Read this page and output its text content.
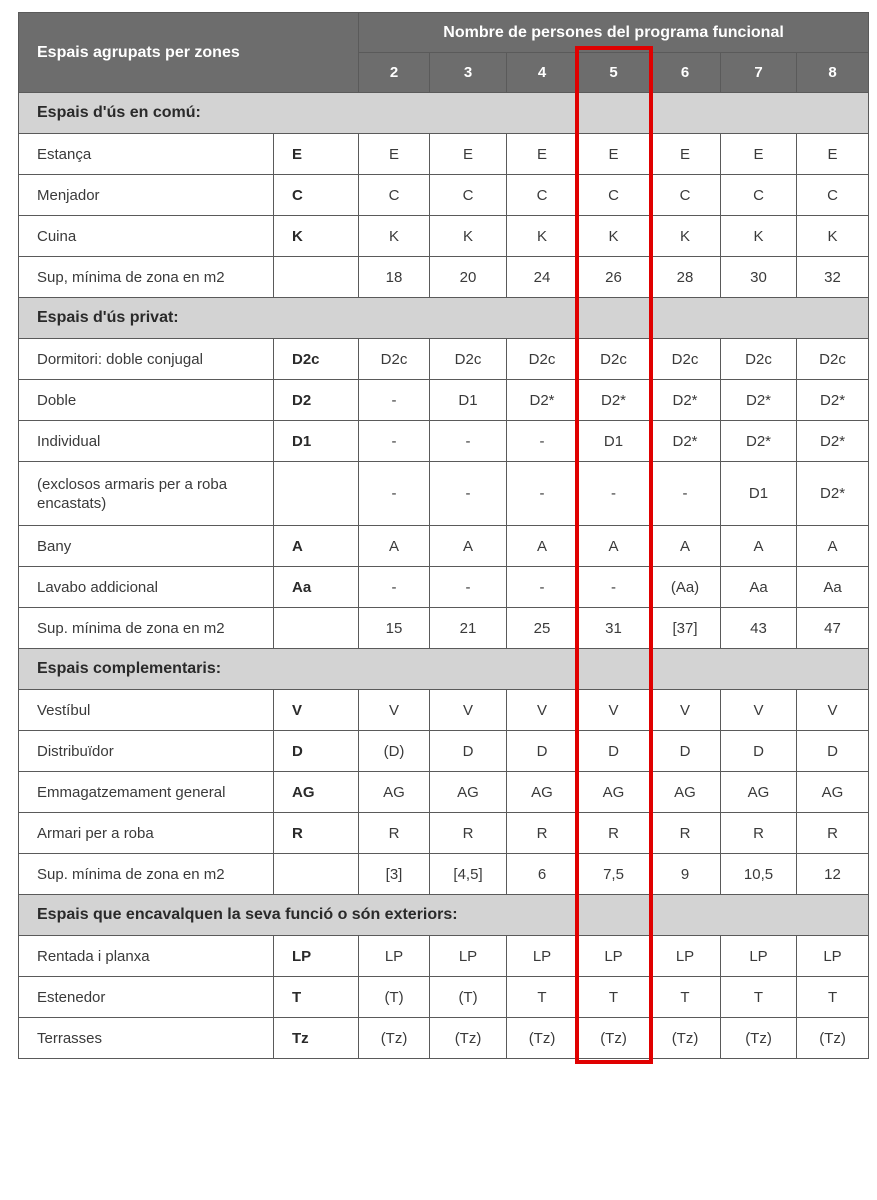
Espais agrupats per zones		Nombre de persones del programa funcional						
		2	3	4	5	6	7	8
Espais d'ús en comú:								
Estança	E	E	E	E	E	E	E	E
Menjador	C	C	C	C	C	C	C	C
Cuina	K	K	K	K	K	K	K	K
Sup, mínima de zona en m2		18	20	24	26	28	30	32
Espais d'ús privat:								
Dormitori: doble conjugal	D2c	D2c	D2c	D2c	D2c	D2c	D2c	D2c
Doble	D2	-	D1	D2*	D2*	D2*	D2*	D2*
Individual	D1	-	-	-	D1	D2*	D2*	D2*
(exclosos armaris per a roba encastats)		-	-	-	-	-	D1	D2*
Bany	A	A	A	A	A	A	A	A
Lavabo addicional	Aa	-	-	-	-	(Aa)	Aa	Aa
Sup. mínima de zona en m2		15	21	25	31	[37]	43	47
Espais complementaris:								
Vestíbul	V	V	V	V	V	V	V	V
Distribuïdor	D	(D)	D	D	D	D	D	D
Emmagatzemament general	AG	AG	AG	AG	AG	AG	AG	AG
Armari per a roba	R	R	R	R	R	R	R	R
Sup. mínima de zona en m2		[3]	[4,5]	6	7,5	9	10,5	12
Espais que encavalquen la seva funció o són exteriors:								
Rentada i planxa	LP	LP	LP	LP	LP	LP	LP	LP
Estenedor	T	(T)	(T)	T	T	T	T	T
Terrasses	Tz	(Tz)	(Tz)	(Tz)	(Tz)	(Tz)	(Tz)	(Tz)
